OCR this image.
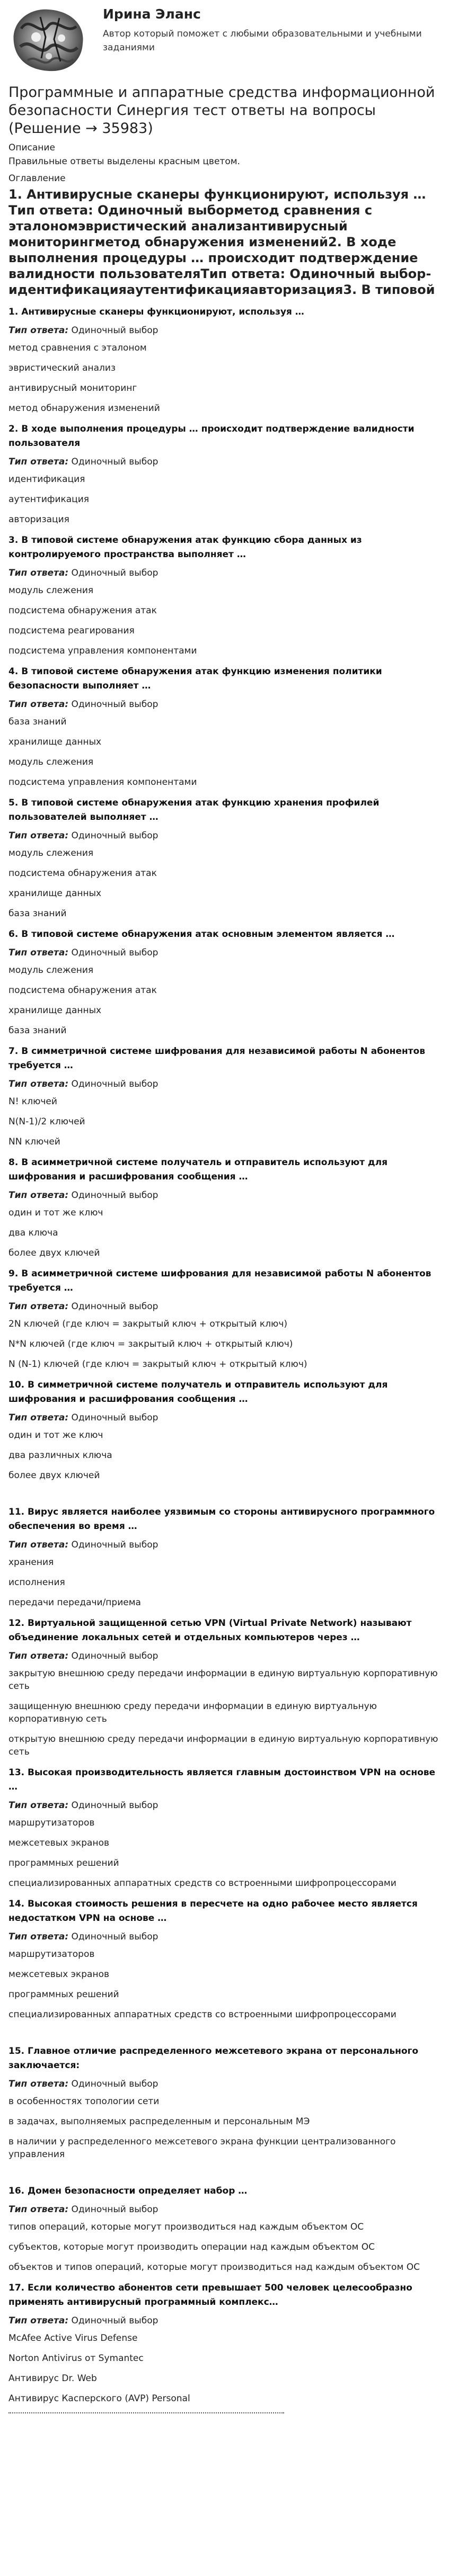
Ирина Эланс
Автор который поможет с любыми образовательными и учебными заданиями
Программные и аппаратные средства информационной безопасности Синергия тест ответы на вопросы (Решение → 35983)
Описание
Правильные ответы выделены красным цветом.
Оглавление
1. Антивирусные сканеры функционируют, используя …Тип ответа: Одиночный выборметод сравнения с эталономэвристический анализантивирусный мониторингметод обнаружения изменений2. В ходе выполнения процедуры … происходит подтверждение валидности пользователяТип ответа: Одиночный выборидентификацияаутентификацияавторизация3. В типовой
1. Антивирусные сканеры функционируют, используя …
Тип ответа: Одиночный выбор
метод сравнения с эталоном
эвристический анализ
антивирусный мониторинг
метод обнаружения изменений
2. В ходе выполнения процедуры … происходит подтверждение валидности пользователя
Тип ответа: Одиночный выбор
идентификация
аутентификация
авторизация
3. В типовой системе обнаружения атак функцию сбора данных из контролируемого пространства выполняет …
Тип ответа: Одиночный выбор
модуль слежения
подсистема обнаружения атак
подсистема реагирования
подсистема управления компонентами
4. В типовой системе обнаружения атак функцию изменения политики безопасности выполняет …
Тип ответа: Одиночный выбор
база знаний
хранилище данных
модуль слежения
подсистема управления компонентами
5. В типовой системе обнаружения атак функцию хранения профилей пользователей выполняет …
Тип ответа: Одиночный выбор
модуль слежения
подсистема обнаружения атак
хранилище данных
база знаний
6. В типовой системе обнаружения атак основным элементом является …
Тип ответа: Одиночный выбор
модуль слежения
подсистема обнаружения атак
хранилище данных
база знаний
7. В симметричной системе шифрования для независимой работы N абонентов требуется …
Тип ответа: Одиночный выбор
N! ключей
N(N-1)/2 ключей
NN ключей
8. В асимметричной системе получатель и отправитель используют для шифрования и расшифрования сообщения …
Тип ответа: Одиночный выбор
один и тот же ключ
два ключа
более двух ключей
9. В асимметричной системе шифрования для независимой работы N абонентов требуется …
Тип ответа: Одиночный выбор
2N ключей (где ключ = закрытый ключ + открытый ключ)
N*N ключей (где ключ = закрытый ключ + открытый ключ)
N (N-1) ключей (где ключ = закрытый ключ + открытый ключ)
10. В симметричной системе получатель и отправитель используют для шифрования и расшифрования сообщения …
Тип ответа: Одиночный выбор
один и тот же ключ
два различных ключа
более двух ключей
11. Вирус является наиболее уязвимым со стороны антивирусного программного обеспечения во время …
Тип ответа: Одиночный выбор
хранения
исполнения
передачи передачи/приема
12. Виртуальной защищенной сетью VPN (Virtual Private Network) называют объединение локальных сетей и отдельных компьютеров через …
Тип ответа: Одиночный выбор
закрытую внешнюю среду передачи информации в единую виртуальную корпоративную сеть
защищенную внешнюю среду передачи информации в единую виртуальную корпоративную сеть
открытую внешнюю среду передачи информации в единую виртуальную корпоративную сеть
13. Высокая производительность является главным достоинством VPN на основе …
Тип ответа: Одиночный выбор
маршрутизаторов
межсетевых экранов
программных решений
специализированных аппаратных средств со встроенными шифропроцессорами
14. Высокая стоимость решения в пересчете на одно рабочее место является недостатком VPN на основе …
Тип ответа: Одиночный выбор
маршрутизаторов
межсетевых экранов
программных решений
специализированных аппаратных средств со встроенными шифропроцессорами
15. Главное отличие распределенного межсетевого экрана от персонального заключается:
Тип ответа: Одиночный выбор
в особенностях топологии сети
в задачах, выполняемых распределенным и персональным МЭ
в наличии у распределенного межсетевого экрана функции централизованного управления
16. Домен безопасности определяет набор …
Тип ответа: Одиночный выбор
типов операций, которые могут производиться над каждым объектом ОС
субъектов, которые могут производить операции над каждым объектом ОС
объектов и типов операций, которые могут производиться над каждым объектом ОС
17. Если количество абонентов сети превышает 500 человек целесообразно применять антивирусный программный комплекс…
Тип ответа: Одиночный выбор
McAfee Active Virus Defense
Norton Antivirus от Symantec
Антивирус Dr. Web
Антивирус Касперского (AVP) Personal
